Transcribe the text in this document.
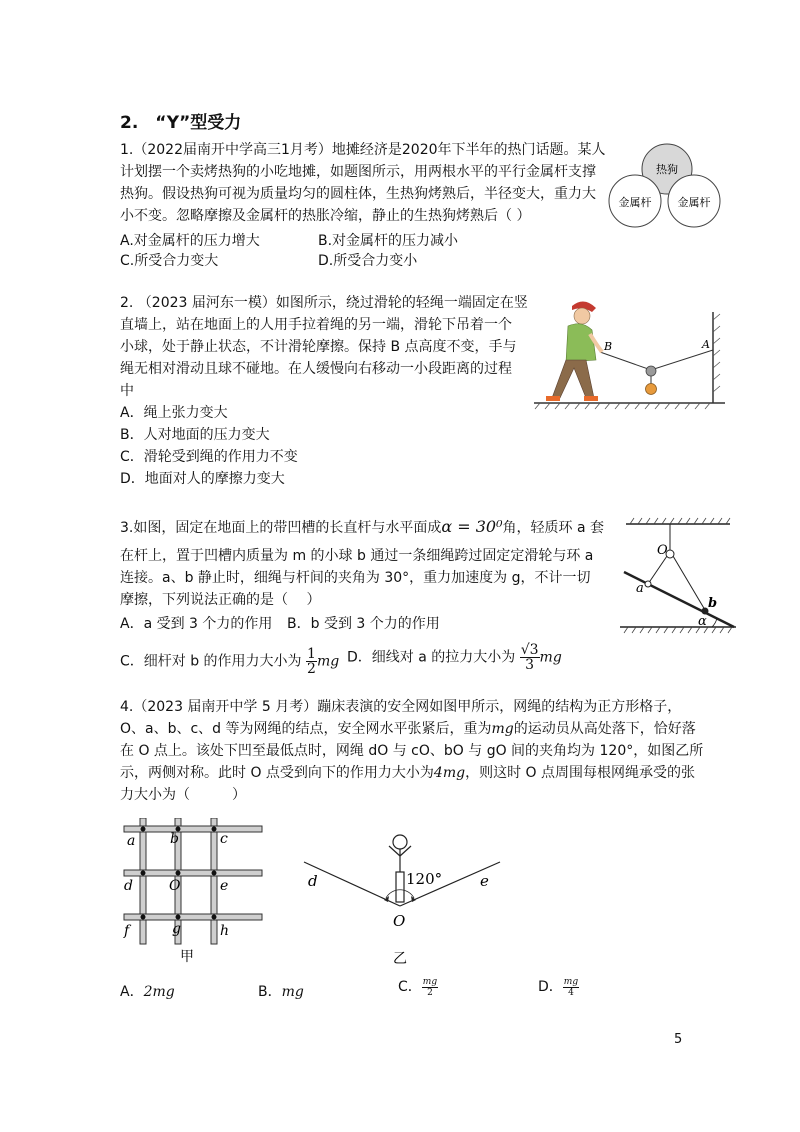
2.　“Y”型受力
1.（2022届南开中学高三1月考）地摊经济是2020年下半年的热门话题。某人
计划摆一个卖烤热狗的小吃地摊，如题图所示，用两根水平的平行金属杆支撑
热狗。假设热狗可视为质量均匀的圆柱体，生热狗烤熟后，半径变大，重力大
小不变。忽略摩擦及金属杆的热胀冷缩，静止的生热狗烤熟后（ ）
A.对金属杆的压力增大	B.对金属杆的压力减小
C.所受合力变大	D.所受合力变小
热狗
金属杆 金属杆
2. （2023 届河东一模）如图所示，绕过滑轮的轻绳一端固定在竖
直墙上，站在地面上的人用手拉着绳的另一端，滑轮下吊着一个
小球，处于静止状态，不计滑轮摩擦。保持 B 点高度不变，手与
绳无相对滑动且球不碰地。在人缓慢向右移动一小段距离的过程
中
A．绳上张力变大
B．人对地面的压力变大
C．滑轮受到绳的作用力不变
D．地面对人的摩擦力变大
B	A
3.如图，固定在地面上的带凹槽的长直杆与水平面成α = 30⁰角，轻质环 a 套
在杆上，置于凹槽内质量为 m 的小球 b 通过一条细绳跨过固定定滑轮与环 a
连接。a、b 静止时，细绳与杆间的夹角为 30°，重力加速度为 g，不计一切
摩擦，下列说法正确的是（　 ）
A．a 受到 3 个力的作用 B．b 受到 3 个力的作用
C．细杆对 b 的作用力大小为 $\frac{1}{2}$ mg D．细线对 a 的拉力大小为 $\frac{√3}{3}$ mg
O
a
b
α
4.（2023 届南开中学 5 月考）蹦床表演的安全网如图甲所示，网绳的结构为正方形格子，
O、a、b、c、d 等为网绳的结点，安全网水平张紧后，重为mg的运动员从高处落下，恰好落
在 O 点上。该处下凹至最低点时，网绳 dO 与 cO、bO 与 gO 间的夹角均为 120°，如图乙所
示，两侧对称。此时 O 点受到向下的作用力大小为4mg，则这时 O 点周围每根网绳承受的张
力大小为（　　　）
a b	c
d	O	e
f	g	h
甲
d	e
O
120°
乙
A．2mg	B．mg	C． $\frac{mg}{2}$	D． $\frac{mg}{4}$
5
